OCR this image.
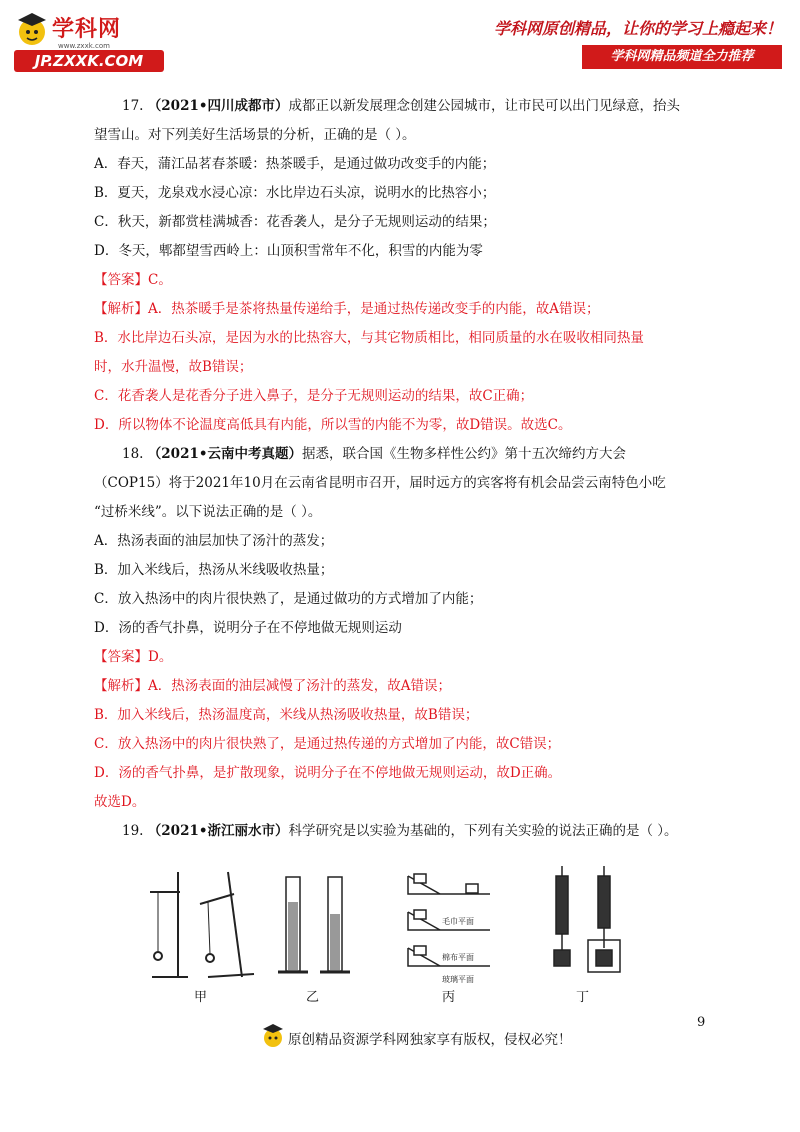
学科网
www.zxxk.com
JP.ZXXK.COM
学科网原创精品，让你的学习上瘾起来！
学科网精品频道全力推荐
17. （2021•四川成都市）成都正以新发展理念创建公园城市，让市民可以出门见绿意，抬头
望雪山。对下列美好生活场景的分析，正确的是（ ）。
A．春天，蒲江品茗春茶暖：热茶暖手，是通过做功改变手的内能；
B．夏天，龙泉戏水浸心凉：水比岸边石头凉，说明水的比热容小；
C．秋天，新都赏桂满城香：花香袭人，是分子无规则运动的结果；
D．冬天，郫都望雪西岭上：山顶积雪常年不化，积雪的内能为零
【答案】C。
【解析】A．热茶暖手是茶将热量传递给手，是通过热传递改变手的内能，故A错误；
B．水比岸边石头凉，是因为水的比热容大，与其它物质相比，相同质量的水在吸收相同热量
时，水升温慢，故B错误；
C．花香袭人是花香分子进入鼻子，是分子无规则运动的结果，故C正确；
D．所以物体不论温度高低具有内能，所以雪的内能不为零，故D错误。故选C。
18. （2021•云南中考真题）据悉，联合国《生物多样性公约》第十五次缔约方大会
（COP15）将于2021年10月在云南省昆明市召开，届时远方的宾客将有机会品尝云南特色小吃
“过桥米线”。以下说法正确的是（ ）。
A．热汤表面的油层加快了汤汁的蒸发；
B．加入米线后，热汤从米线吸收热量；
C．放入热汤中的肉片很快熟了，是通过做功的方式增加了内能；
D．汤的香气扑鼻，说明分子在不停地做无规则运动
【答案】D。
【解析】A．热汤表面的油层减慢了汤汁的蒸发，故A错误；
B．加入米线后，热汤温度高，米线从热汤吸收热量，故B错误；
C．放入热汤中的肉片很快熟了，是通过热传递的方式增加了内能，故C错误；
D．汤的香气扑鼻，是扩散现象，说明分子在不停地做无规则运动，故D正确。
故选D。
19. （2021•浙江丽水市）科学研究是以实验为基础的，下列有关实验的说法正确的是（ ）。
毛巾平面
棉布平面
玻璃平面
甲	乙	丙	丁
9
原创精品资源学科网独家享有版权，侵权必究！
